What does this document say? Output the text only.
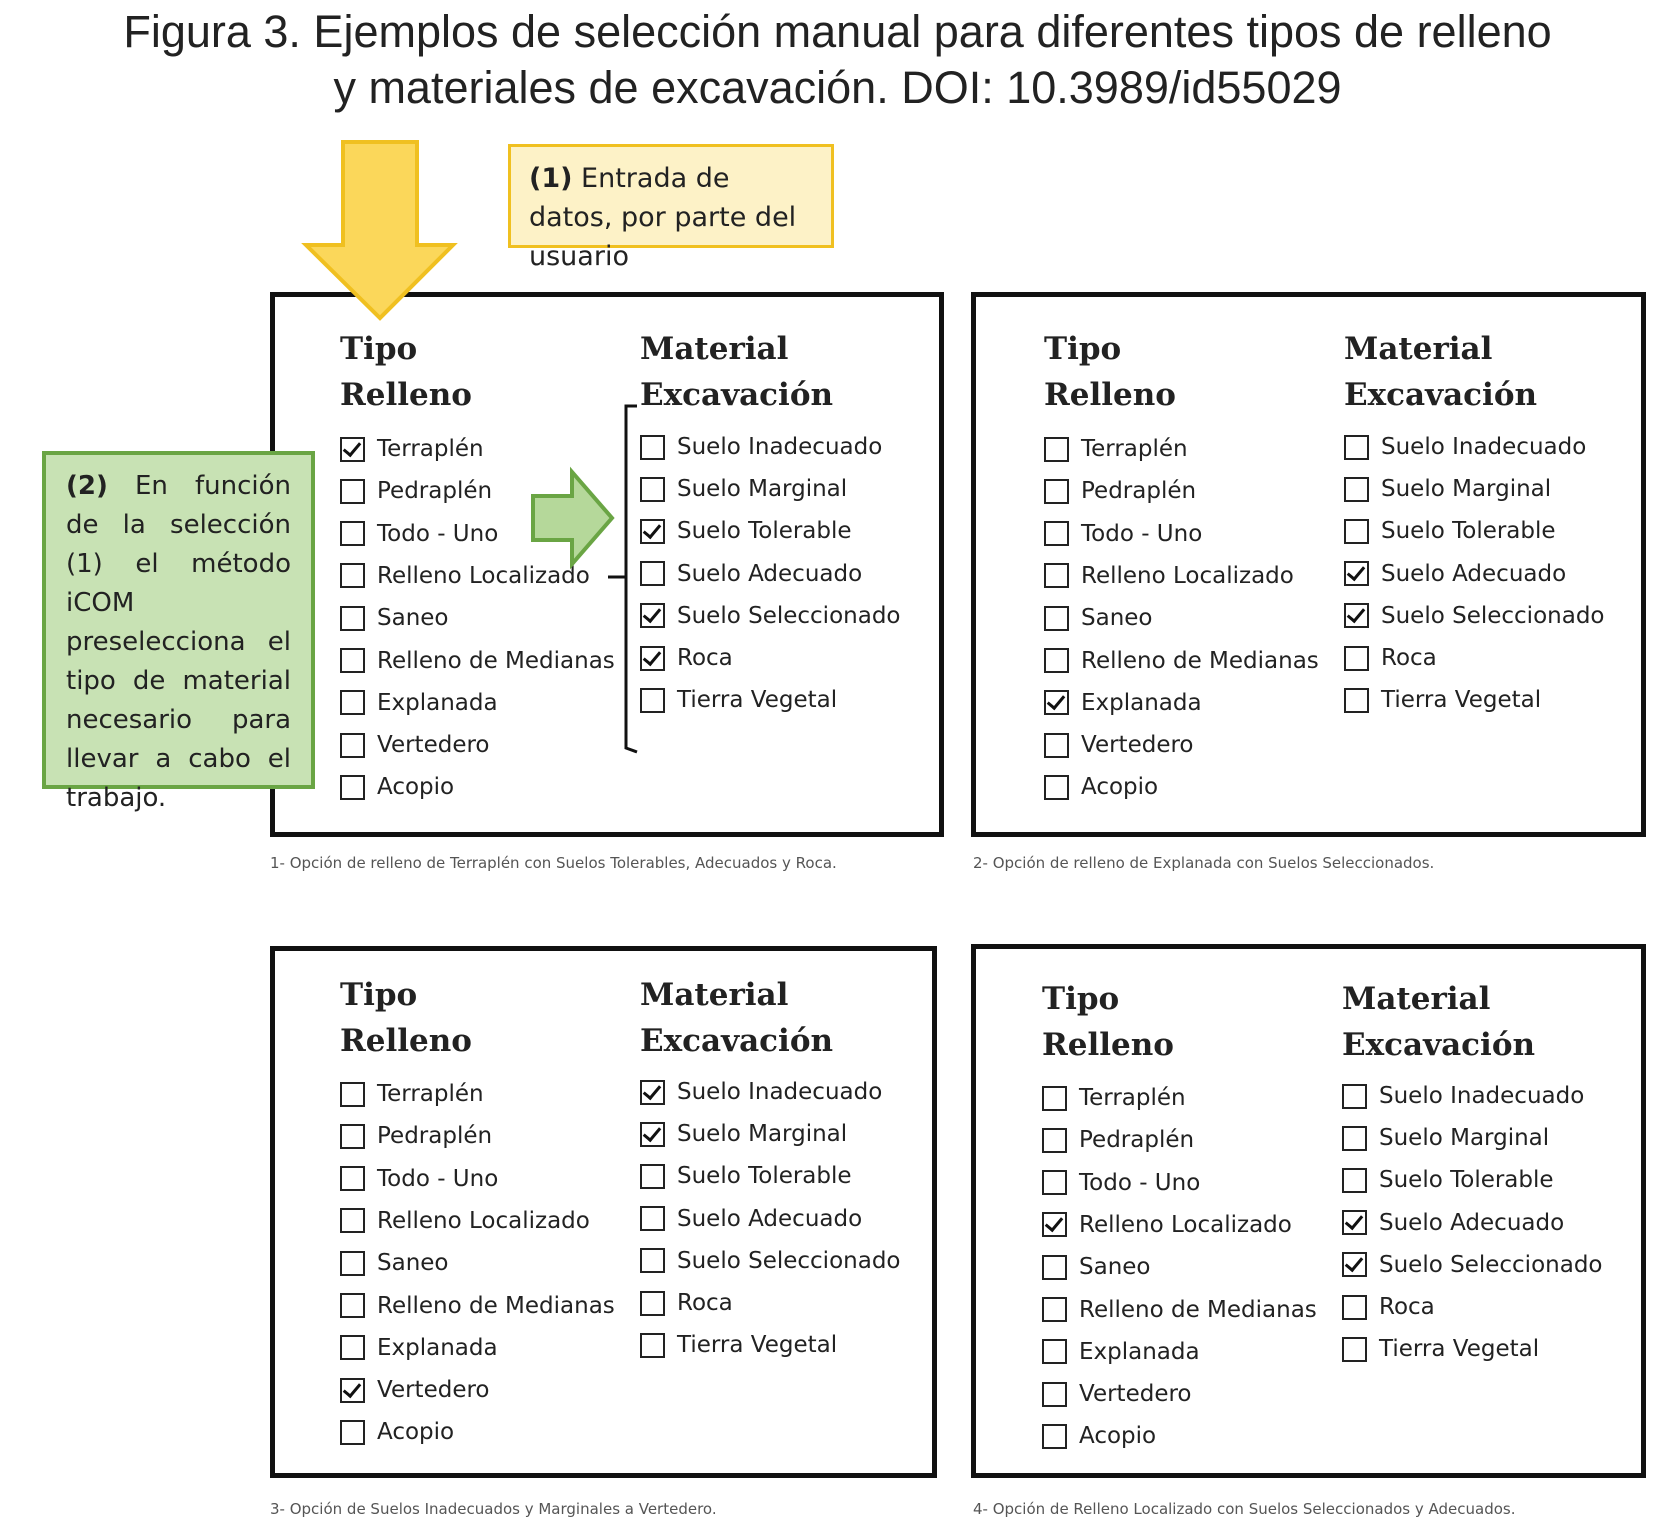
Figura 3. Ejemplos de selección manual para diferentes tipos de relleno
y materiales de excavación. DOI: 10.3989/id55029
1- Opción de relleno de Terraplén con Suelos Tolerables, Adecuados y Roca.	2- Opción de relleno de Explanada con Suelos Seleccionados.
3- Opción de Suelos Inadecuados y Marginales a Vertedero.	4- Opción de Relleno Localizado con Suelos Seleccionados y Adecuados.
Tipo
Relleno
Material
Excavación
Terraplén
Pedraplén
Todo - Uno
Relleno Localizado
Saneo
Relleno de Medianas
Explanada
Vertedero
Acopio
Suelo Inadecuado
Suelo Marginal
Suelo Tolerable
Suelo Adecuado
Suelo Seleccionado
Roca
Tierra Vegetal
Tipo
Relleno
Material
Excavación
Terraplén
Pedraplén
Todo - Uno
Relleno Localizado
Saneo
Relleno de Medianas
Explanada
Vertedero
Acopio
Suelo Inadecuado
Suelo Marginal
Suelo Tolerable
Suelo Adecuado
Suelo Seleccionado
Roca
Tierra Vegetal
Tipo
Relleno
Material
Excavación
Terraplén
Pedraplén
Todo - Uno
Relleno Localizado
Saneo
Relleno de Medianas
Explanada
Vertedero
Acopio
Suelo Inadecuado
Suelo Marginal
Suelo Tolerable
Suelo Adecuado
Suelo Seleccionado
Roca
Tierra Vegetal
Tipo
Relleno
Material
Excavación
Terraplén
Pedraplén
Todo - Uno
Relleno Localizado
Saneo
Relleno de Medianas
Explanada
Vertedero
Acopio
Suelo Inadecuado
Suelo Marginal
Suelo Tolerable
Suelo Adecuado
Suelo Seleccionado
Roca
Tierra Vegetal
(1) Entrada de datos, por parte del usuario
(2) En función de la selección (1) el método iCOM preselecciona el tipo de material necesario para llevar a cabo el trabajo.
